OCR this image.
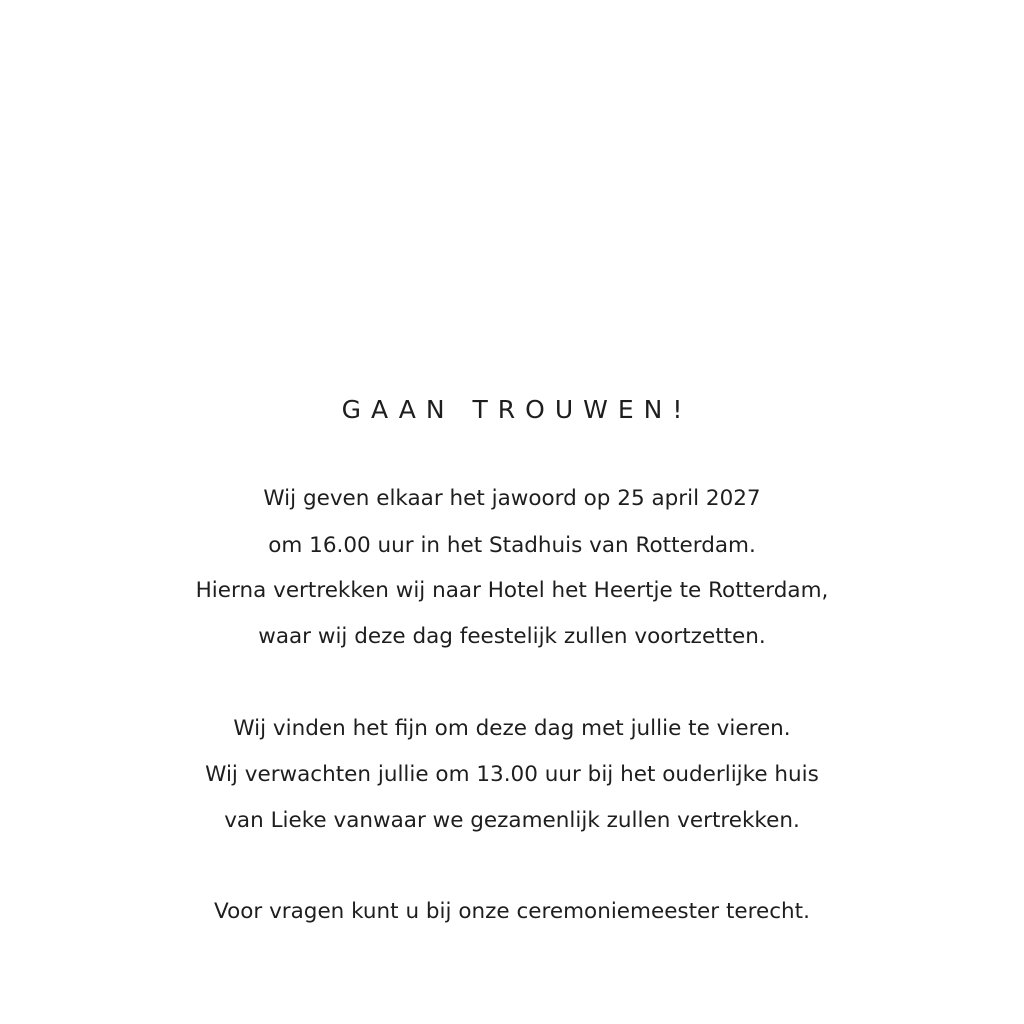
GAAN TROUWEN!

Wij geven elkaar het jawoord op 25 april 2027

om 16.00 uur in het Stadhuis van Rotterdam.

Hierna vertrekken wij naar Hotel het Heertje te Rotterdam,

waar wij deze dag feestelijk zullen voortzetten.

Wij vinden het fijn om deze dag met jullie te vieren.

Wij verwachten jullie om 13.00 uur bij het ouderlijke huis

van Lieke vanwaar we gezamenlijk zullen vertrekken.

Voor vragen kunt u bij onze ceremoniemeester terecht.
